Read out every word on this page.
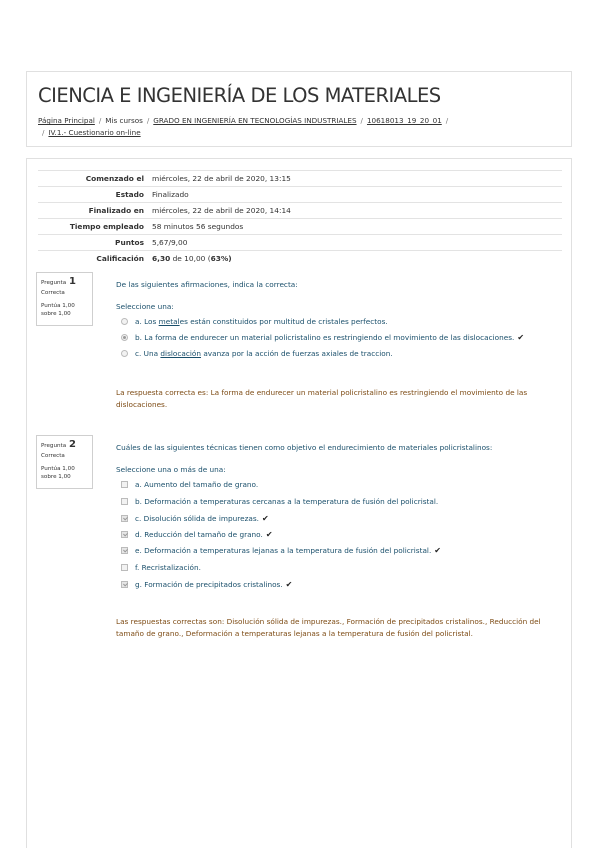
CIENCIA E INGENIERÍA DE LOS MATERIALES
Página Principal / Mis cursos / GRADO EN INGENIERÍA EN TECNOLOGÍAS INDUSTRIALES / 10618013_19_20_01 /
/ IV.1.- Cuestionario on-line
Comenzado el	miércoles, 22 de abril de 2020, 13:15
Estado	Finalizado
Finalizado en	miércoles, 22 de abril de 2020, 14:14
Tiempo empleado	58 minutos 56 segundos
Puntos	5,67/9,00
Calificación	6,30 de 10,00 (63%)
Pregunta 1
Correcta
Puntúa 1,00
sobre 1,00
De las siguientes afirmaciones, indica la correcta:
Seleccione una:
a. Los metales están constituidos por multitud de cristales perfectos.
b. La forma de endurecer un material policristalino es restringiendo el movimiento de las dislocaciones. ✔
c. Una dislocación avanza por la acción de fuerzas axiales de traccion.
La respuesta correcta es: La forma de endurecer un material policristalino es restringiendo el movimiento de las dislocaciones.
Pregunta 2
Correcta
Puntúa 1,00
sobre 1,00
Cuáles de las siguientes técnicas tienen como objetivo el endurecimiento de materiales policristalinos:
Seleccione una o más de una:
a. Aumento del tamaño de grano.
b. Deformación a temperaturas cercanas a la temperatura de fusión del policristal.
c. Disolución sólida de impurezas. ✔
d. Reducción del tamaño de grano. ✔
e. Deformación a temperaturas lejanas a la temperatura de fusión del policristal. ✔
f. Recristalización.
g. Formación de precipitados cristalinos. ✔
Las respuestas correctas son: Disolución sólida de impurezas., Formación de precipitados cristalinos., Reducción del tamaño de grano., Deformación a temperaturas lejanas a la temperatura de fusión del policristal.
